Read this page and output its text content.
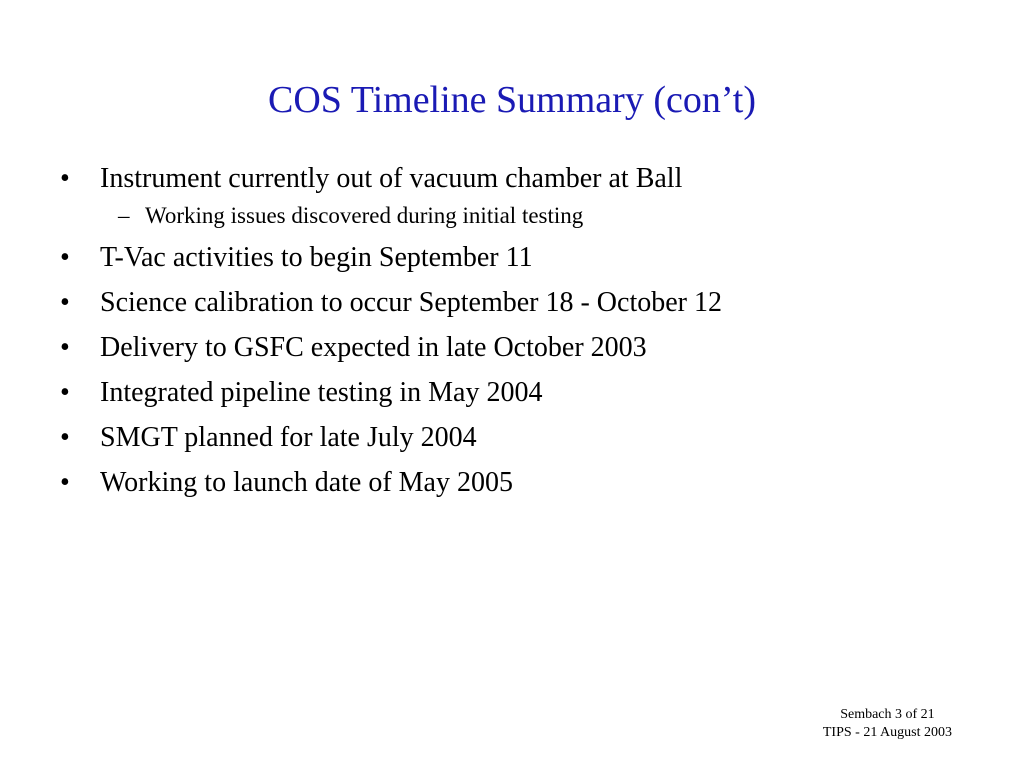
COS Timeline Summary (con’t)
• Instrument currently out of vacuum chamber at Ball
– Working issues discovered during initial testing
• T-Vac activities to begin September 11
• Science calibration to occur September 18 - October 12
• Delivery to GSFC expected in late October 2003
• Integrated pipeline testing in May 2004
• SMGT planned for late July 2004
• Working to launch date of May 2005
Sembach 3 of 21
TIPS - 21 August 2003
